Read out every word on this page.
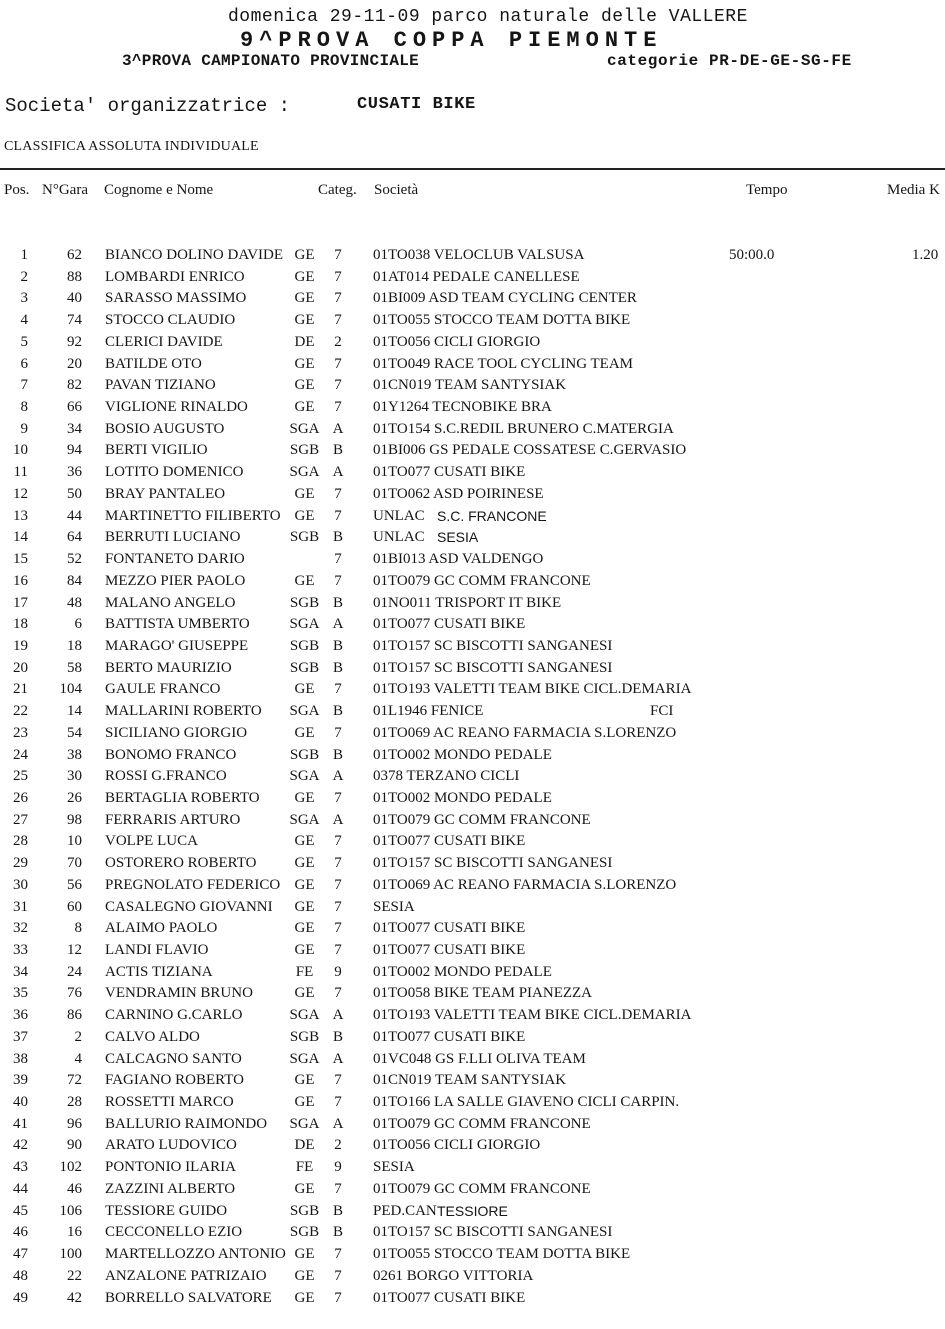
domenica 29-11-09 parco naturale delle VALLERE
9^PROVA COPPA PIEMONTE
3^PROVA CAMPIONATO PROVINCIALE	categorie PR-DE-GE-SG-FE
Societa' organizzatrice :	CUSATI BIKE
CLASSIFICA ASSOLUTA INDIVIDUALE
Pos. N°Gara Cognome e Nome	Categ. Società	Tempo	Media K
1	62 BIANCO DOLINO DAVIDE GE	7 01TO038 VELOCLUB VALSUSA	50:00.0	1.20
2	88 LOMBARDI ENRICO	GE	7 01AT014 PEDALE CANELLESE
3	40 SARASSO MASSIMO	GE	7 01BI009 ASD TEAM CYCLING CENTER
4	74 STOCCO CLAUDIO	GE	7 01TO055 STOCCO TEAM DOTTA BIKE
5	92 CLERICI DAVIDE	DE	2 01TO056 CICLI GIORGIO
6	20 BATILDE OTO	GE	7 01TO049 RACE TOOL CYCLING TEAM
7	82 PAVAN TIZIANO	GE	7 01CN019 TEAM SANTYSIAK
8	66 VIGLIONE RINALDO	GE	7 01Y1264 TECNOBIKE BRA
9	34 BOSIO AUGUSTO	SGA A 01TO154 S.C.REDIL BRUNERO C.MATERGIA
10	94 BERTI VIGILIO	SGB B 01BI006 GS PEDALE COSSATESE C.GERVASIO
11	36 LOTITO DOMENICO	SGA A 01TO077 CUSATI BIKE
12	50 BRAY PANTALEO	GE	7 01TO062 ASD POIRINESE
13	44 MARTINETTO FILIBERTO GE	7 UNLAC S.C. FRANCONE
14	64 BERRUTI LUCIANO	SGB B UNLAC SESIA
15	52 FONTANETO DARIO	7 01BI013 ASD VALDENGO
16	84 MEZZO PIER PAOLO	GE	7 01TO079 GC COMM FRANCONE
17	48 MALANO ANGELO	SGB B 01NO011 TRISPORT IT BIKE
18	6 BATTISTA UMBERTO	SGA A 01TO077 CUSATI BIKE
19	18 MARAGO' GIUSEPPE	SGB B 01TO157 SC BISCOTTI SANGANESI
20	58 BERTO MAURIZIO	SGB B 01TO157 SC BISCOTTI SANGANESI
21	104 GAULE FRANCO	GE	7 01TO193 VALETTI TEAM BIKE CICL.DEMARIA
22	14 MALLARINI ROBERTO	SGA B 01L1946 FENICE	FCI
23	54 SICILIANO GIORGIO	GE	7 01TO069 AC REANO FARMACIA S.LORENZO
24	38 BONOMO FRANCO	SGB B 01TO002 MONDO PEDALE
25	30 ROSSI G.FRANCO	SGA A 0378 TERZANO CICLI
26	26 BERTAGLIA ROBERTO	GE	7 01TO002 MONDO PEDALE
27	98 FERRARIS ARTURO	SGA A 01TO079 GC COMM FRANCONE
28	10 VOLPE LUCA	GE	7 01TO077 CUSATI BIKE
29	70 OSTORERO ROBERTO	GE	7 01TO157 SC BISCOTTI SANGANESI
30	56 PREGNOLATO FEDERICO GE	7 01TO069 AC REANO FARMACIA S.LORENZO
31	60 CASALEGNO GIOVANNI	GE	7 SESIA
32	8 ALAIMO PAOLO	GE	7 01TO077 CUSATI BIKE
33	12 LANDI FLAVIO	GE	7 01TO077 CUSATI BIKE
34	24 ACTIS TIZIANA	FE	9 01TO002 MONDO PEDALE
35	76 VENDRAMIN BRUNO	GE	7 01TO058 BIKE TEAM PIANEZZA
36	86 CARNINO G.CARLO	SGA A 01TO193 VALETTI TEAM BIKE CICL.DEMARIA
37	2 CALVO ALDO	SGB B 01TO077 CUSATI BIKE
38	4 CALCAGNO SANTO	SGA A 01VC048 GS F.LLI OLIVA TEAM
39	72 FAGIANO ROBERTO	GE	7 01CN019 TEAM SANTYSIAK
40	28 ROSSETTI MARCO	GE	7 01TO166 LA SALLE GIAVENO CICLI CARPIN.
41	96 BALLURIO RAIMONDO	SGA A 01TO079 GC COMM FRANCONE
42	90 ARATO LUDOVICO	DE	2 01TO056 CICLI GIORGIO
43	102 PONTONIO ILARIA	FE	9 SESIA
44	46 ZAZZINI ALBERTO	GE	7 01TO079 GC COMM FRANCONE
45	106 TESSIORE GUIDO	SGB B PED.CAN TESSIORE
46	16 CECCONELLO EZIO	SGB B 01TO157 SC BISCOTTI SANGANESI
47	100 MARTELLOZZO ANTONIO GE	7 01TO055 STOCCO TEAM DOTTA BIKE
48	22 ANZALONE PATRIZAIO	GE	7 0261 BORGO VITTORIA
49	42 BORRELLO SALVATORE	GE	7 01TO077 CUSATI BIKE
